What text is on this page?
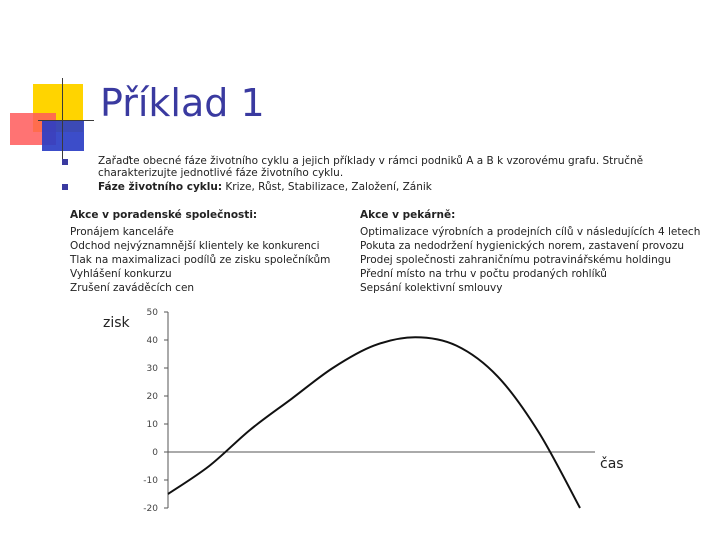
Příklad 1
Zařaďte obecné fáze životního cyklu a jejich příklady v rámci podniků A a B k vzorovému grafu. Stručně charakterizujte jednotlivé fáze životního cyklu.
Fáze životního cyklu: Krize, Růst, Stabilizace, Založení, Zánik
Akce v poradenské společnosti:
Pronájem kanceláře
Odchod nejvýznamnější klientely ke konkurenci
Tlak na maximalizaci podílů ze zisku společníkům
Vyhlášení konkurzu
Zrušení zaváděcích cen
Akce v pekárně:
Optimalizace výrobních a prodejních cílů v následujících 4 letech
Pokuta za nedodržení hygienických norem, zastavení provozu
Prodej společnosti zahraničnímu potravinářskému holdingu
Přední místo na trhu v počtu prodaných rohlíků
Sepsání kolektivní smlouvy
50
40
30
20
10
0
-10
-20
zisk
čas
